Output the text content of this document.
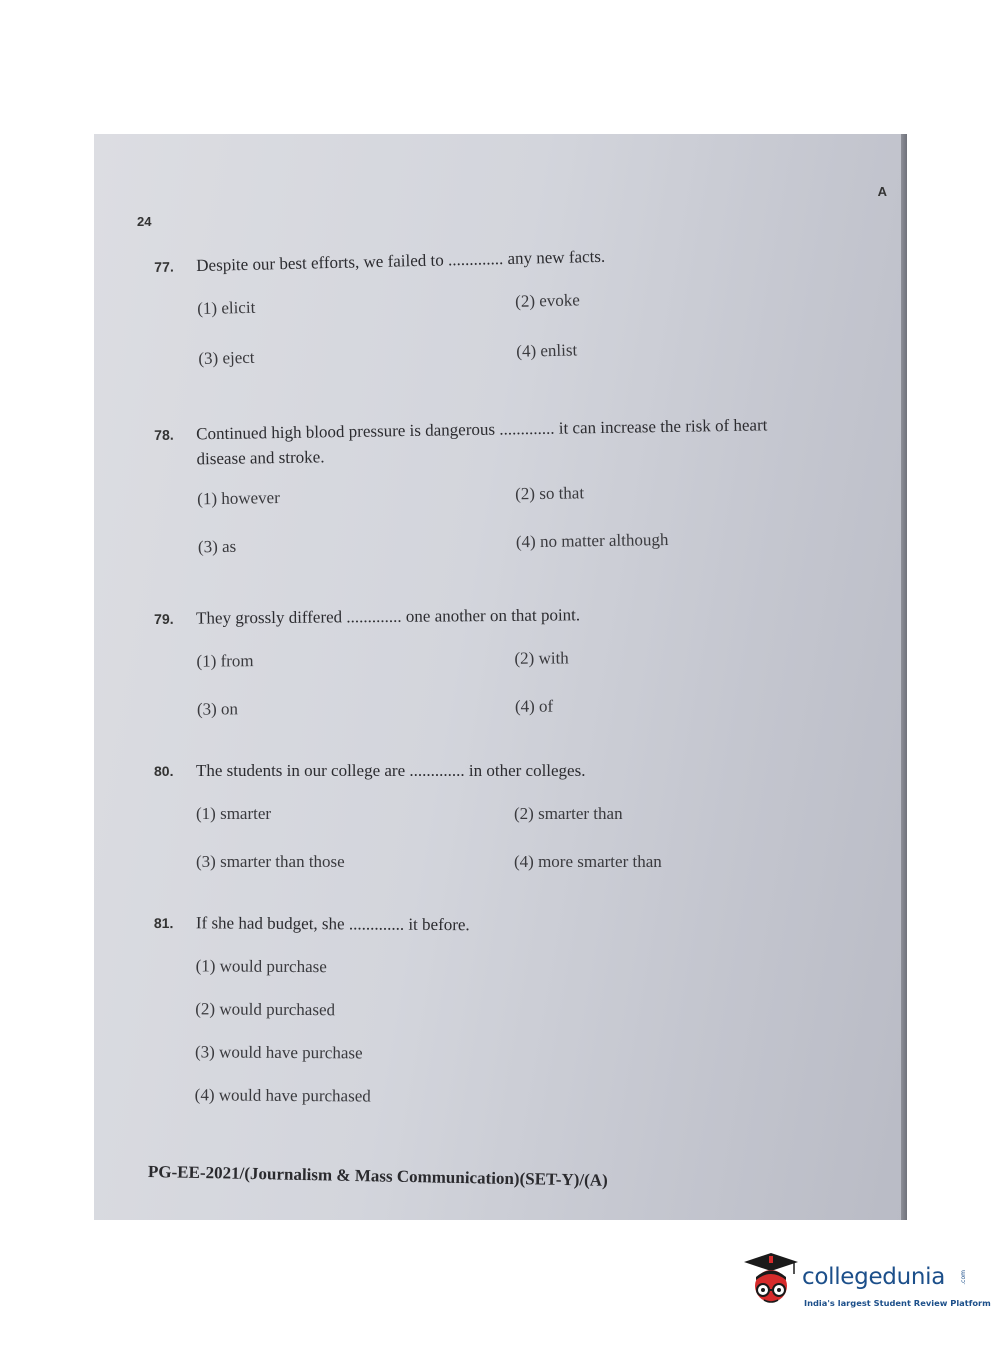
24
A
77.	Despite our best efforts, we failed to ............. any new facts.
(1) elicit	(2) evoke
(3) eject	(4) enlist
78.	Continued high blood pressure is dangerous ............. it can increase the risk of heart
disease and stroke.
(1) however	(2) so that
(3) as	(4) no matter although
79.	They grossly differed ............. one another on that point.
(1) from	(2) with
(3) on	(4) of
80.	The students in our college are ............. in other colleges.
(1) smarter	(2) smarter than
(3) smarter than those	(4) more smarter than
81.	If she had budget, she ............. it before.
(1) would purchase
(2) would purchased
(3) would have purchase
(4) would have purchased
PG-EE-2021/(Journalism & Mass Communication)(SET-Y)/(A)
collegedunia .com
India's largest Student Review Platform
